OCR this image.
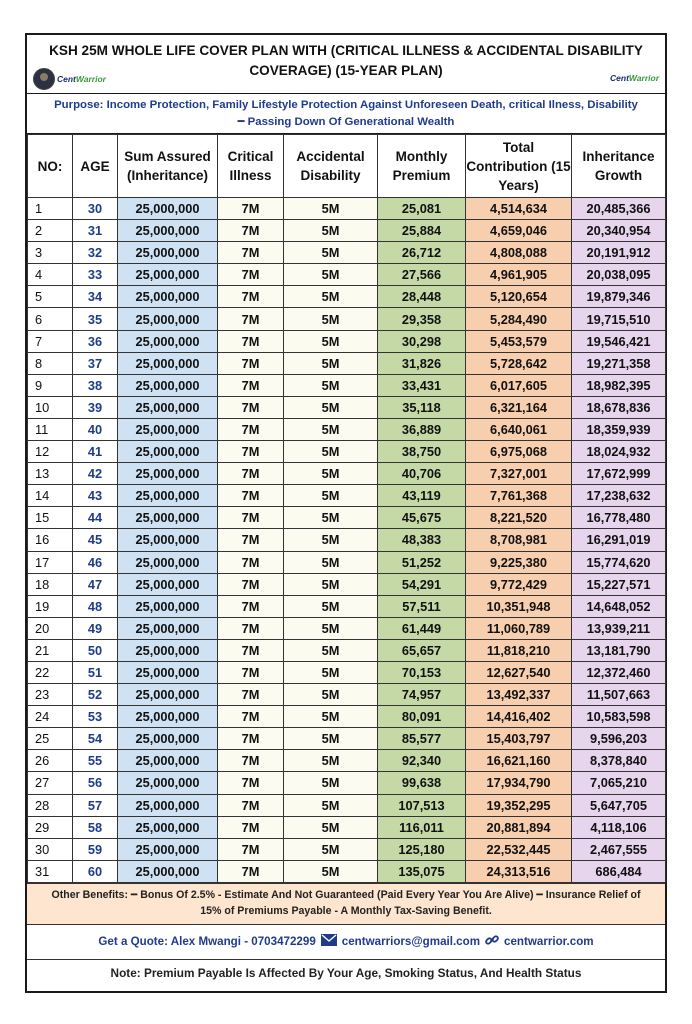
KSH 25M WHOLE LIFE COVER PLAN WITH (CRITICAL ILLNESS & ACCIDENTAL DISABILITY
COVERAGE) (15-YEAR PLAN)
CentWarrior	CentWarrior
Purpose: Income Protection, Family Lifestyle Protection Against Unforeseen Death, critical Ilness, Disability
━ Passing Down Of Generational Wealth
NO:	AGE	Sum Assured (Inheritance)	Critical Illness	Accidental Disability	Monthly Premium	Total Contribution (15 Years)	Inheritance Growth
1	30	25,000,000	7M	5M	25,081	4,514,634	20,485,366
2	31	25,000,000	7M	5M	25,884	4,659,046	20,340,954
3	32	25,000,000	7M	5M	26,712	4,808,088	20,191,912
4	33	25,000,000	7M	5M	27,566	4,961,905	20,038,095
5	34	25,000,000	7M	5M	28,448	5,120,654	19,879,346
6	35	25,000,000	7M	5M	29,358	5,284,490	19,715,510
7	36	25,000,000	7M	5M	30,298	5,453,579	19,546,421
8	37	25,000,000	7M	5M	31,826	5,728,642	19,271,358
9	38	25,000,000	7M	5M	33,431	6,017,605	18,982,395
10	39	25,000,000	7M	5M	35,118	6,321,164	18,678,836
11	40	25,000,000	7M	5M	36,889	6,640,061	18,359,939
12	41	25,000,000	7M	5M	38,750	6,975,068	18,024,932
13	42	25,000,000	7M	5M	40,706	7,327,001	17,672,999
14	43	25,000,000	7M	5M	43,119	7,761,368	17,238,632
15	44	25,000,000	7M	5M	45,675	8,221,520	16,778,480
16	45	25,000,000	7M	5M	48,383	8,708,981	16,291,019
17	46	25,000,000	7M	5M	51,252	9,225,380	15,774,620
18	47	25,000,000	7M	5M	54,291	9,772,429	15,227,571
19	48	25,000,000	7M	5M	57,511	10,351,948	14,648,052
20	49	25,000,000	7M	5M	61,449	11,060,789	13,939,211
21	50	25,000,000	7M	5M	65,657	11,818,210	13,181,790
22	51	25,000,000	7M	5M	70,153	12,627,540	12,372,460
23	52	25,000,000	7M	5M	74,957	13,492,337	11,507,663
24	53	25,000,000	7M	5M	80,091	14,416,402	10,583,598
25	54	25,000,000	7M	5M	85,577	15,403,797	9,596,203
26	55	25,000,000	7M	5M	92,340	16,621,160	8,378,840
27	56	25,000,000	7M	5M	99,638	17,934,790	7,065,210
28	57	25,000,000	7M	5M	107,513	19,352,295	5,647,705
29	58	25,000,000	7M	5M	116,011	20,881,894	4,118,106
30	59	25,000,000	7M	5M	125,180	22,532,445	2,467,555
31	60	25,000,000	7M	5M	135,075	24,313,516	686,484
Other Benefits: ━ Bonus Of 2.5% - Estimate And Not Guaranteed (Paid Every Year You Are Alive) ━ Insurance Relief of
15% of Premiums Payable - A Monthly Tax-Saving Benefit.
Get a Quote: Alex Mwangi - 0703472299 centwarriors@gmail.com centwarrior.com
Note: Premium Payable Is Affected By Your Age, Smoking Status, And Health Status
